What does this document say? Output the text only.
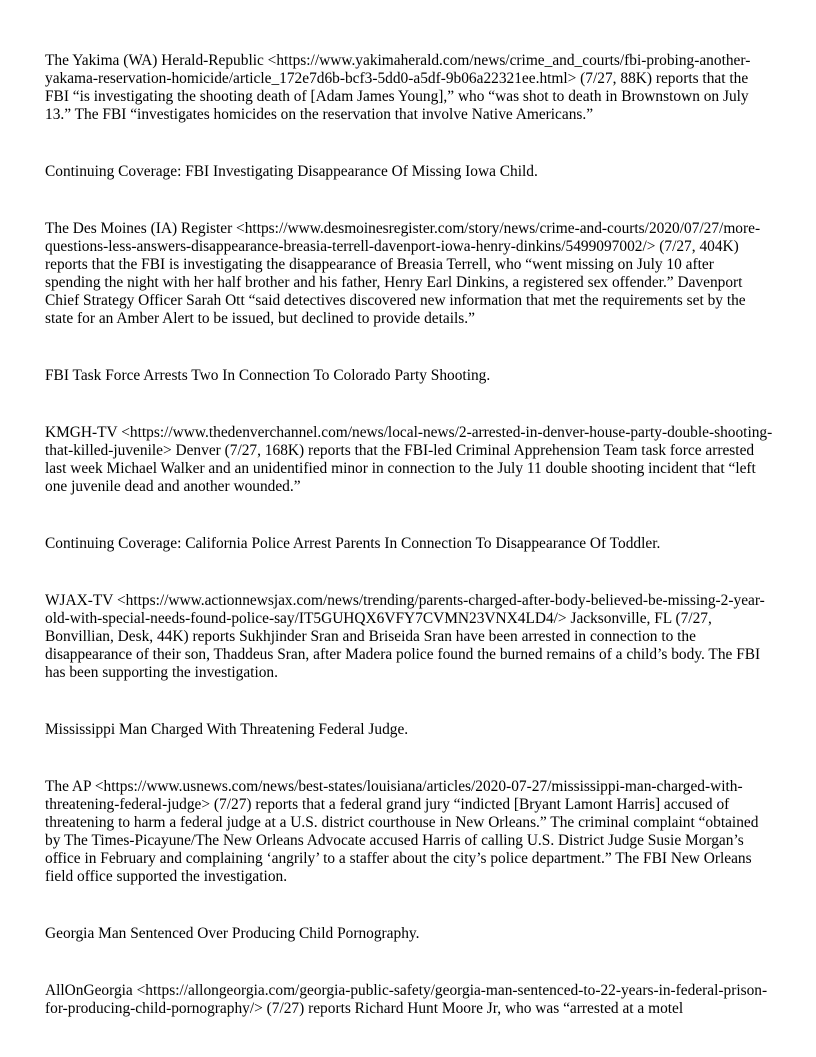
The Yakima (WA) Herald-Republic <https://www.yakimaherald.com/news/crime_and_courts/fbi-probing-another-yakama-reservation-homicide/article_172e7d6b-bcf3-5dd0-a5df-9b06a22321ee.html> (7/27, 88K) reports that the FBI “is investigating the shooting death of [Adam James Young],” who “was shot to death in Brownstown on July 13.” The FBI “investigates homicides on the reservation that involve Native Americans.”

Continuing Coverage: FBI Investigating Disappearance Of Missing Iowa Child.

The Des Moines (IA) Register <https://www.desmoinesregister.com/story/news/crime-and-courts/2020/07/27/more-questions-less-answers-disappearance-breasia-terrell-davenport-iowa-henry-dinkins/5499097002/> (7/27, 404K) reports that the FBI is investigating the disappearance of Breasia Terrell, who “went missing on July 10 after spending the night with her half brother and his father, Henry Earl Dinkins, a registered sex offender.” Davenport Chief Strategy Officer Sarah Ott “said detectives discovered new information that met the requirements set by the state for an Amber Alert to be issued, but declined to provide details.”

FBI Task Force Arrests Two In Connection To Colorado Party Shooting.

KMGH-TV <https://www.thedenverchannel.com/news/local-news/2-arrested-in-denver-house-party-double-shooting-that-killed-juvenile> Denver (7/27, 168K) reports that the FBI-led Criminal Apprehension Team task force arrested last week Michael Walker and an unidentified minor in connection to the July 11 double shooting incident that “left one juvenile dead and another wounded.”

Continuing Coverage: California Police Arrest Parents In Connection To Disappearance Of Toddler.

WJAX-TV <https://www.actionnewsjax.com/news/trending/parents-charged-after-body-believed-be-missing-2-year-old-with-special-needs-found-police-say/IT5GUHQX6VFY7CVMN23VNX4LD4/> Jacksonville, FL (7/27, Bonvillian, Desk, 44K) reports Sukhjinder Sran and Briseida Sran have been arrested in connection to the disappearance of their son, Thaddeus Sran, after Madera police found the burned remains of a child’s body. The FBI has been supporting the investigation.

Mississippi Man Charged With Threatening Federal Judge.

The AP <https://www.usnews.com/news/best-states/louisiana/articles/2020-07-27/mississippi-man-charged-with-threatening-federal-judge> (7/27) reports that a federal grand jury “indicted [Bryant Lamont Harris] accused of threatening to harm a federal judge at a U.S. district courthouse in New Orleans.” The criminal complaint “obtained by The Times-Picayune/The New Orleans Advocate accused Harris of calling U.S. District Judge Susie Morgan’s office in February and complaining ‘angrily’ to a staffer about the city’s police department.” The FBI New Orleans field office supported the investigation.

Georgia Man Sentenced Over Producing Child Pornography.

AllOnGeorgia <https://allongeorgia.com/georgia-public-safety/georgia-man-sentenced-to-22-years-in-federal-prison-for-producing-child-pornography/> (7/27) reports Richard Hunt Moore Jr, who was “arrested at a motel
